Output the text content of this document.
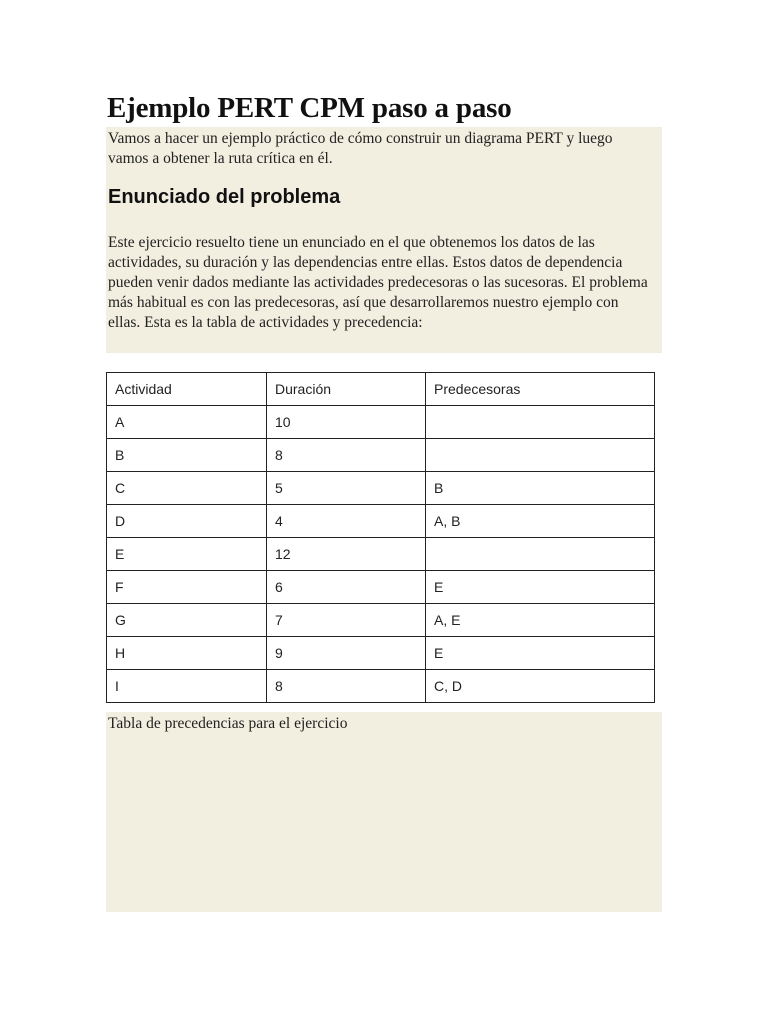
Ejemplo PERT CPM paso a paso

Vamos a hacer un ejemplo práctico de cómo construir un diagrama PERT y luego vamos a obtener la ruta crítica en él.

Enunciado del problema

Este ejercicio resuelto tiene un enunciado en el que obtenemos los datos de las actividades, su duración y las dependencias entre ellas. Estos datos de dependencia pueden venir dados mediante las actividades predecesoras o las sucesoras. El problema más habitual es con las predecesoras, así que desarrollaremos nuestro ejemplo con ellas. Esta es la tabla de actividades y precedencia:

Actividad	Duración	Predecesoras
A	10	
B	8	
C	5	B
D	4	A, B
E	12	
F	6	E
G	7	A, E
H	9	E
I	8	C, D

Tabla de precedencias para el ejercicio
